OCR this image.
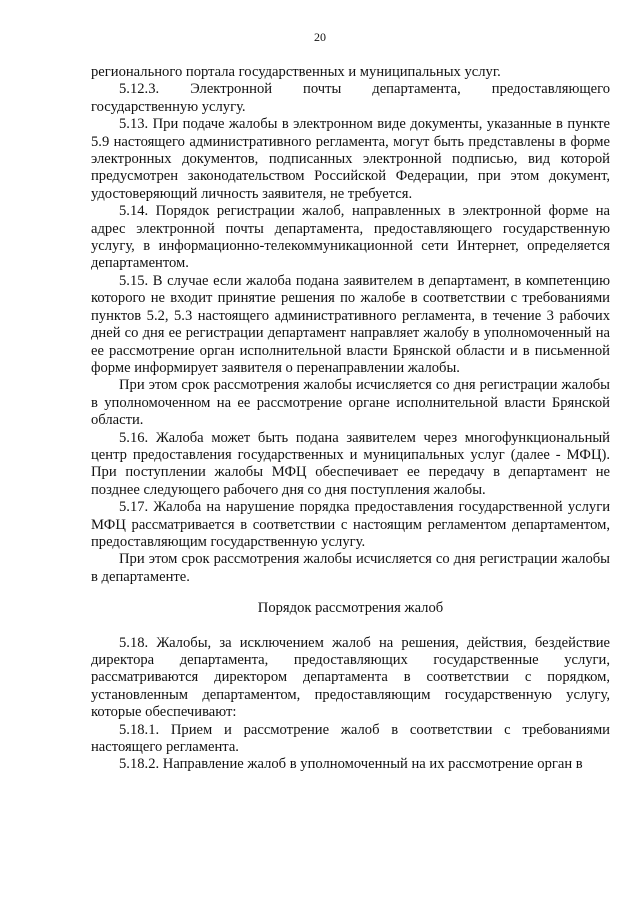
20

регионального портала государственных и муниципальных услуг.

5.12.3. Электронной почты департамента, предоставляющего государственную услугу.

5.13. При подаче жалобы в электронном виде документы, указанные в пункте 5.9 настоящего административного регламента, могут быть представлены в форме электронных документов, подписанных электронной подписью, вид которой предусмотрен законодательством Российской Федерации, при этом документ, удостоверяющий личность заявителя, не требуется.

5.14. Порядок регистрации жалоб, направленных в электронной форме на адрес электронной почты департамента, предоставляющего государственную услугу, в информационно-телекоммуникационной сети Интернет, определяется департаментом.

5.15. В случае если жалоба подана заявителем в департамент, в компетенцию которого не входит принятие решения по жалобе в соответствии с требованиями пунктов 5.2, 5.3 настоящего административного регламента, в течение 3 рабочих дней со дня ее регистрации департамент направляет жалобу в уполномоченный на ее рассмотрение орган исполнительной власти Брянской области и в письменной форме информирует заявителя о перенаправлении жалобы.

При этом срок рассмотрения жалобы исчисляется со дня регистрации жалобы в уполномоченном на ее рассмотрение органе исполнительной власти Брянской области.

5.16. Жалоба может быть подана заявителем через многофункциональный центр предоставления государственных и муниципальных услуг (далее - МФЦ). При поступлении жалобы МФЦ обеспечивает ее передачу в департамент не позднее следующего рабочего дня со дня поступления жалобы.

5.17. Жалоба на нарушение порядка предоставления государственной услуги МФЦ рассматривается в соответствии с настоящим регламентом департаментом, предоставляющим государственную услугу.

При этом срок рассмотрения жалобы исчисляется со дня регистрации жалобы в департаменте.

Порядок рассмотрения жалоб

5.18. Жалобы, за исключением жалоб на решения, действия, бездействие директора департамента, предоставляющих государственные услуги, рассматриваются директором департамента в соответствии с порядком, установленным департаментом, предоставляющим государственную услугу, которые обеспечивают:

5.18.1. Прием и рассмотрение жалоб в соответствии с требованиями настоящего регламента.

5.18.2. Направление жалоб в уполномоченный на их рассмотрение орган в
